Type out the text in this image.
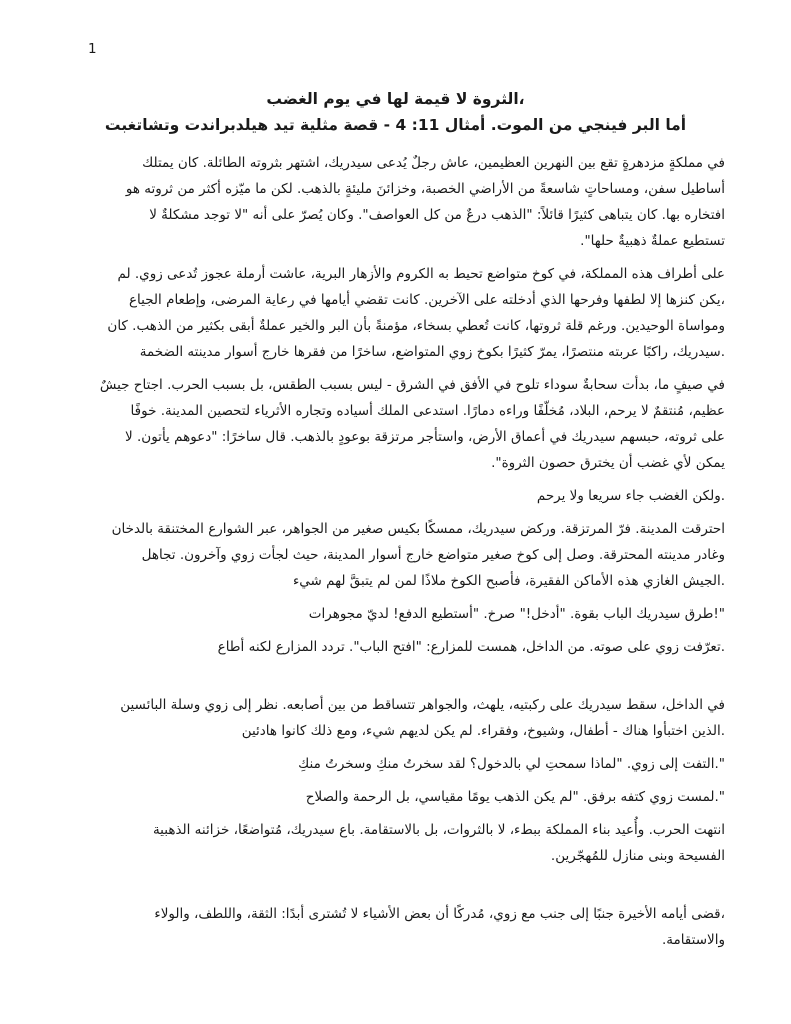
1
،الثروة لا قيمة لها في يوم الغضب
أما البر فينجي من الموت. أمثال 11: 4 - قصة مثلية تيد هيلدبراندت وتشاتغبت
في مملكةٍ مزدهرةٍ تقع بين النهرين العظيمين، عاش رجلٌ يُدعى سيدريك، اشتهر بثروته الطائلة. كان يمتلك
أساطيل سفن، ومساحاتٍ شاسعةً من الأراضي الخصبة، وخزائنَ مليئةٍ بالذهب. لكن ما ميّزه أكثر من ثروته هو
افتخاره بها. كان يتباهى كثيرًا قائلاً: "الذهب درعٌ من كل العواصف". وكان يُصرّ على أنه "لا توجد مشكلةٌ لا
تستطيع عملةٌ ذهبيةٌ حلها".
على أطراف هذه المملكة، في كوخ متواضع تحيط به الكروم والأزهار البرية، عاشت أرملة عجوز تُدعى زوي. لم
،يكن كنزها إلا لطفها وفرحها الذي أدخلته على الآخرين. كانت تقضي أيامها في رعاية المرضى، وإطعام الجياع
ومواساة الوحيدين. ورغم قلة ثروتها، كانت تُعطي بسخاء، مؤمنةً بأن البر والخير عملةٌ أبقى بكثير من الذهب. كان
.سيدريك، راكبًا عربته منتصرًا، يمرّ كثيرًا بكوخ زوي المتواضع، ساخرًا من فقرها خارج أسوار مدينته الضخمة
في صيفٍ ما، بدأت سحابةٌ سوداء تلوح في الأفق في الشرق - ليس بسبب الطقس، بل بسبب الحرب. اجتاح جيشٌ
عظيم، مُنتقمٌ لا يرحم، البلاد، مُخلّفًا وراءه دمارًا. استدعى الملك أسياده وتجاره الأثرياء لتحصين المدينة. خوفًا
على ثروته، حبسهم سيدريك في أعماق الأرض، واستأجر مرتزقة بوعودٍ بالذهب. قال ساخرًا: "دعوهم يأتون. لا
يمكن لأي غضب أن يخترق حصون الثروة".
.ولكن الغضب جاء سريعا ولا يرحم
احترقت المدينة. فرّ المرتزقة. وركض سيدريك، ممسكًا بكيس صغير من الجواهر، عبر الشوارع المختنقة بالدخان
وغادر مدينته المحترقة. وصل إلى كوخ صغير متواضع خارج أسوار المدينة، حيث لجأت زوي وآخرون. تجاهل
.الجيش الغازي هذه الأماكن الفقيرة، فأصبح الكوخ ملاذًا لمن لم يتبقَّ لهم شيء
"!طرق سيدريك الباب بقوة. "أدخل!" صرخ. "أستطيع الدفع! لديّ مجوهرات
.تعرّفت زوي على صوته. من الداخل، همست للمزارع: "افتح الباب". تردد المزارع لكنه أطاع
في الداخل، سقط سيدريك على ركبتيه، يلهث، والجواهر تتساقط من بين أصابعه. نظر إلى زوي وسلة البائسين
.الذين اختبأوا هناك - أطفال، وشيوخ، وفقراء. لم يكن لديهم شيء، ومع ذلك كانوا هادئين
".التفت إلى زوي. "لماذا سمحتِ لي بالدخول؟ لقد سخرتُ منكِ وسخرتُ منكِ
".لمست زوي كتفه برفق. "لم يكن الذهب يومًا مقياسي، بل الرحمة والصلاح
انتهت الحرب. وأُعيد بناء المملكة ببطء، لا بالثروات، بل بالاستقامة. باع سيدريك، مُتواضعًا، خزائنه الذهبية
الفسيحة وبنى منازل للمُهجّرين.
،قضى أيامه الأخيرة جنبًا إلى جنب مع زوي، مُدركًا أن بعض الأشياء لا تُشترى أبدًا: الثقة، واللطف، والولاء
والاستقامة.
